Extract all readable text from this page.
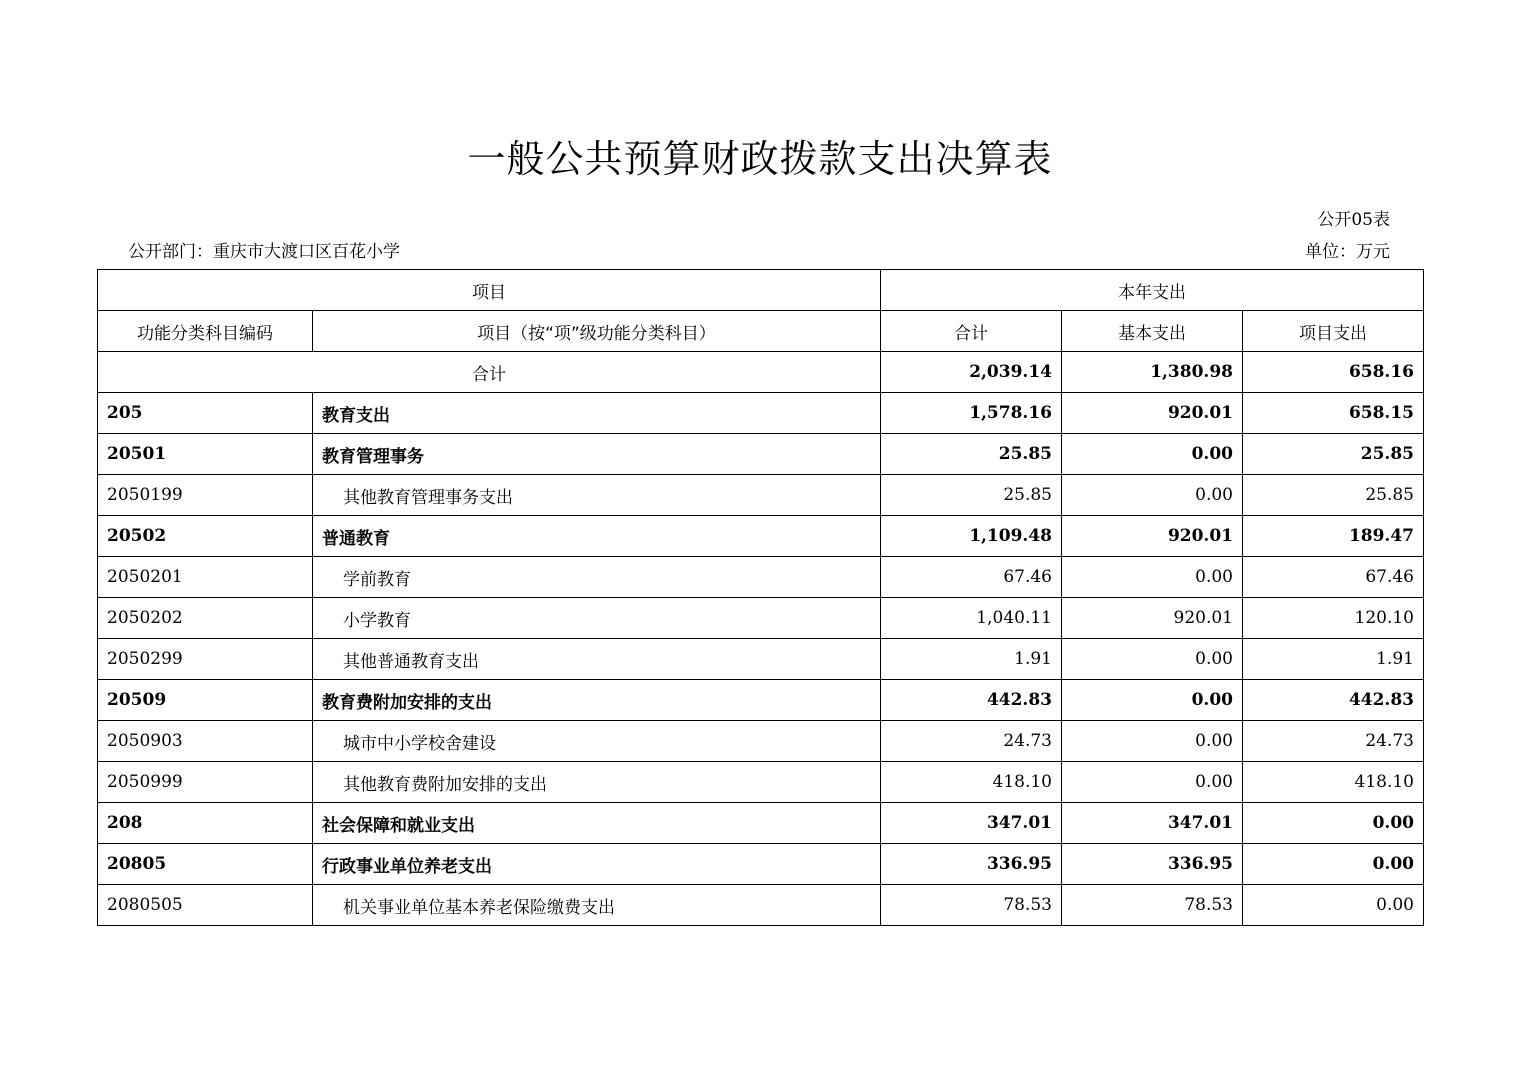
一般公共预算财政拨款支出决算表
公开05表
公开部门：重庆市大渡口区百花小学	单位：万元
项目		本年支出		
功能分类科目编码	项目（按“项”级功能分类科目）	合计	基本支出	项目支出
合计		2,039.14	1,380.98	658.16
205	教育支出	1,578.16	920.01	658.15
20501	教育管理事务	25.85	0.00	25.85
2050199	其他教育管理事务支出	25.85	0.00	25.85
20502	普通教育	1,109.48	920.01	189.47
2050201	学前教育	67.46	0.00	67.46
2050202	小学教育	1,040.11	920.01	120.10
2050299	其他普通教育支出	1.91	0.00	1.91
20509	教育费附加安排的支出	442.83	0.00	442.83
2050903	城市中小学校舍建设	24.73	0.00	24.73
2050999	其他教育费附加安排的支出	418.10	0.00	418.10
208	社会保障和就业支出	347.01	347.01	0.00
20805	行政事业单位养老支出	336.95	336.95	0.00
2080505	机关事业单位基本养老保险缴费支出	78.53	78.53	0.00
